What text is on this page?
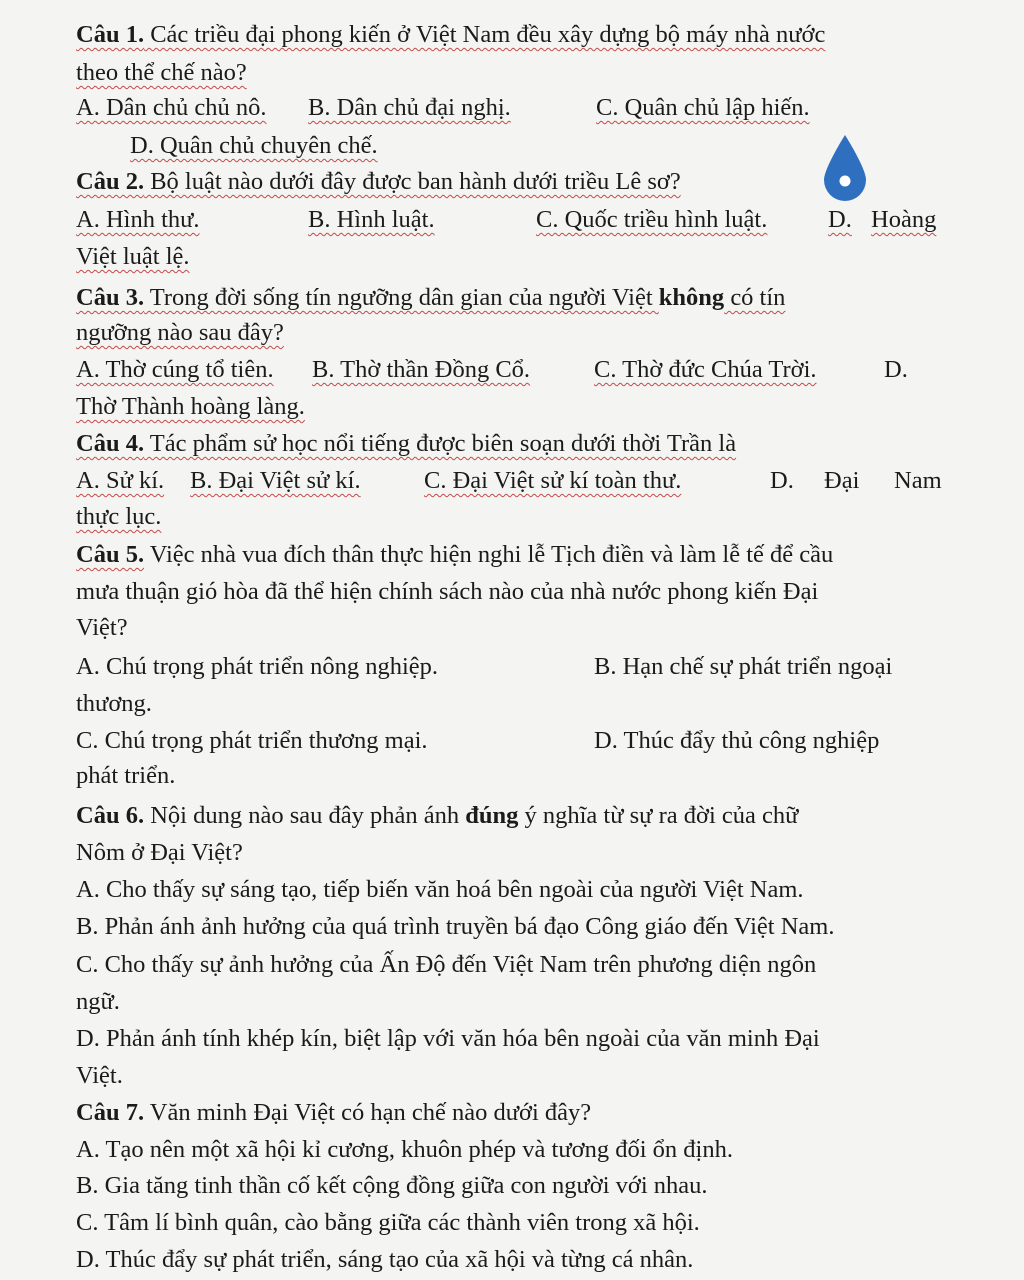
Câu 1. Các triều đại phong kiến ở Việt Nam đều xây dựng bộ máy nhà nước
theo thể chế nào?
A. Dân chủ chủ nô. B. Dân chủ đại nghị.	C. Quân chủ lập hiến.
D. Quân chủ chuyên chế.
Câu 2. Bộ luật nào dưới đây được ban hành dưới triều Lê sơ?
A. Hình thư.	B. Hình luật.	C. Quốc triều hình luật. D. Hoàng
Việt luật lệ.
Câu 3. Trong đời sống tín ngưỡng dân gian của người Việt không có tín
ngưỡng nào sau đây?
A. Thờ cúng tổ tiên. B. Thờ thần Đồng Cổ.	C. Thờ đức Chúa Trời.	D.
Thờ Thành hoàng làng.
Câu 4. Tác phẩm sử học nổi tiếng được biên soạn dưới thời Trần là
A. Sử kí. B. Đại Việt sử kí.	C. Đại Việt sử kí toàn thư.	D. Đại Nam
thực lục.
Câu 5. Việc nhà vua đích thân thực hiện nghi lễ Tịch điền và làm lễ tế để cầu
mưa thuận gió hòa đã thể hiện chính sách nào của nhà nước phong kiến Đại
Việt?
A. Chú trọng phát triển nông nghiệp.	B. Hạn chế sự phát triển ngoại
thương.
C. Chú trọng phát triển thương mại.	D. Thúc đẩy thủ công nghiệp
phát triển.
Câu 6. Nội dung nào sau đây phản ánh đúng ý nghĩa từ sự ra đời của chữ
Nôm ở Đại Việt?
A. Cho thấy sự sáng tạo, tiếp biến văn hoá bên ngoài của người Việt Nam.
B. Phản ánh ảnh hưởng của quá trình truyền bá đạo Công giáo đến Việt Nam.
C. Cho thấy sự ảnh hưởng của Ấn Độ đến Việt Nam trên phương diện ngôn
ngữ.
D. Phản ánh tính khép kín, biệt lập với văn hóa bên ngoài của văn minh Đại
Việt.
Câu 7. Văn minh Đại Việt có hạn chế nào dưới đây?
A. Tạo nên một xã hội kỉ cương, khuôn phép và tương đối ổn định.
B. Gia tăng tinh thần cố kết cộng đồng giữa con người với nhau.
C. Tâm lí bình quân, cào bằng giữa các thành viên trong xã hội.
D. Thúc đẩy sự phát triển, sáng tạo của xã hội và từng cá nhân.
